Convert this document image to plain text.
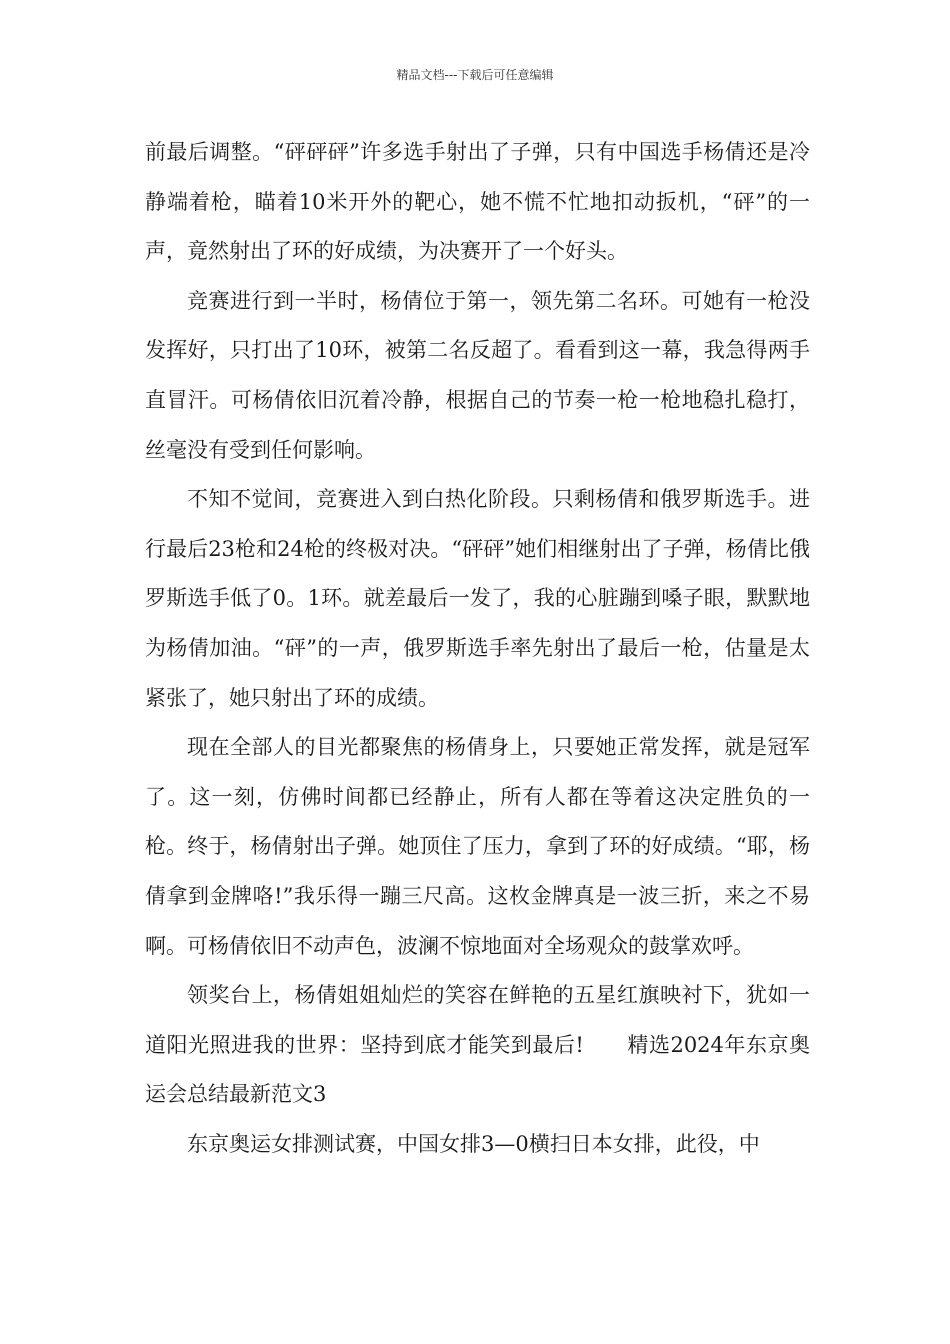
精品文档---下载后可任意编辑

前最后调整。“砰砰砰”许多选手射出了子弹，只有中国选手杨倩还是冷静端着枪，瞄着10米开外的靶心，她不慌不忙地扣动扳机，“砰”的一声，竟然射出了环的好成绩，为决赛开了一个好头。

竞赛进行到一半时，杨倩位于第一，领先第二名环。可她有一枪没发挥好，只打出了10环，被第二名反超了。看看到这一幕，我急得两手直冒汗。可杨倩依旧沉着冷静，根据自己的节奏一枪一枪地稳扎稳打，丝毫没有受到任何影响。

不知不觉间，竞赛进入到白热化阶段。只剩杨倩和俄罗斯选手。进行最后23枪和24枪的终极对决。“砰砰”她们相继射出了子弹，杨倩比俄罗斯选手低了0。1环。就差最后一发了，我的心脏蹦到嗓子眼，默默地为杨倩加油。“砰”的一声，俄罗斯选手率先射出了最后一枪，估量是太紧张了，她只射出了环的成绩。

现在全部人的目光都聚焦的杨倩身上，只要她正常发挥，就是冠军了。这一刻，仿佛时间都已经静止，所有人都在等着这决定胜负的一枪。终于，杨倩射出子弹。她顶住了压力，拿到了环的好成绩。“耶，杨倩拿到金牌咯!”我乐得一蹦三尺高。这枚金牌真是一波三折，来之不易啊。可杨倩依旧不动声色，波澜不惊地面对全场观众的鼓掌欢呼。

领奖台上，杨倩姐姐灿烂的笑容在鲜艳的五星红旗映衬下，犹如一道阳光照进我的世界：坚持到底才能笑到最后!　　精选2024年东京奥运会总结最新范文3

东京奥运女排测试赛，中国女排3—0横扫日本女排，此役，中
